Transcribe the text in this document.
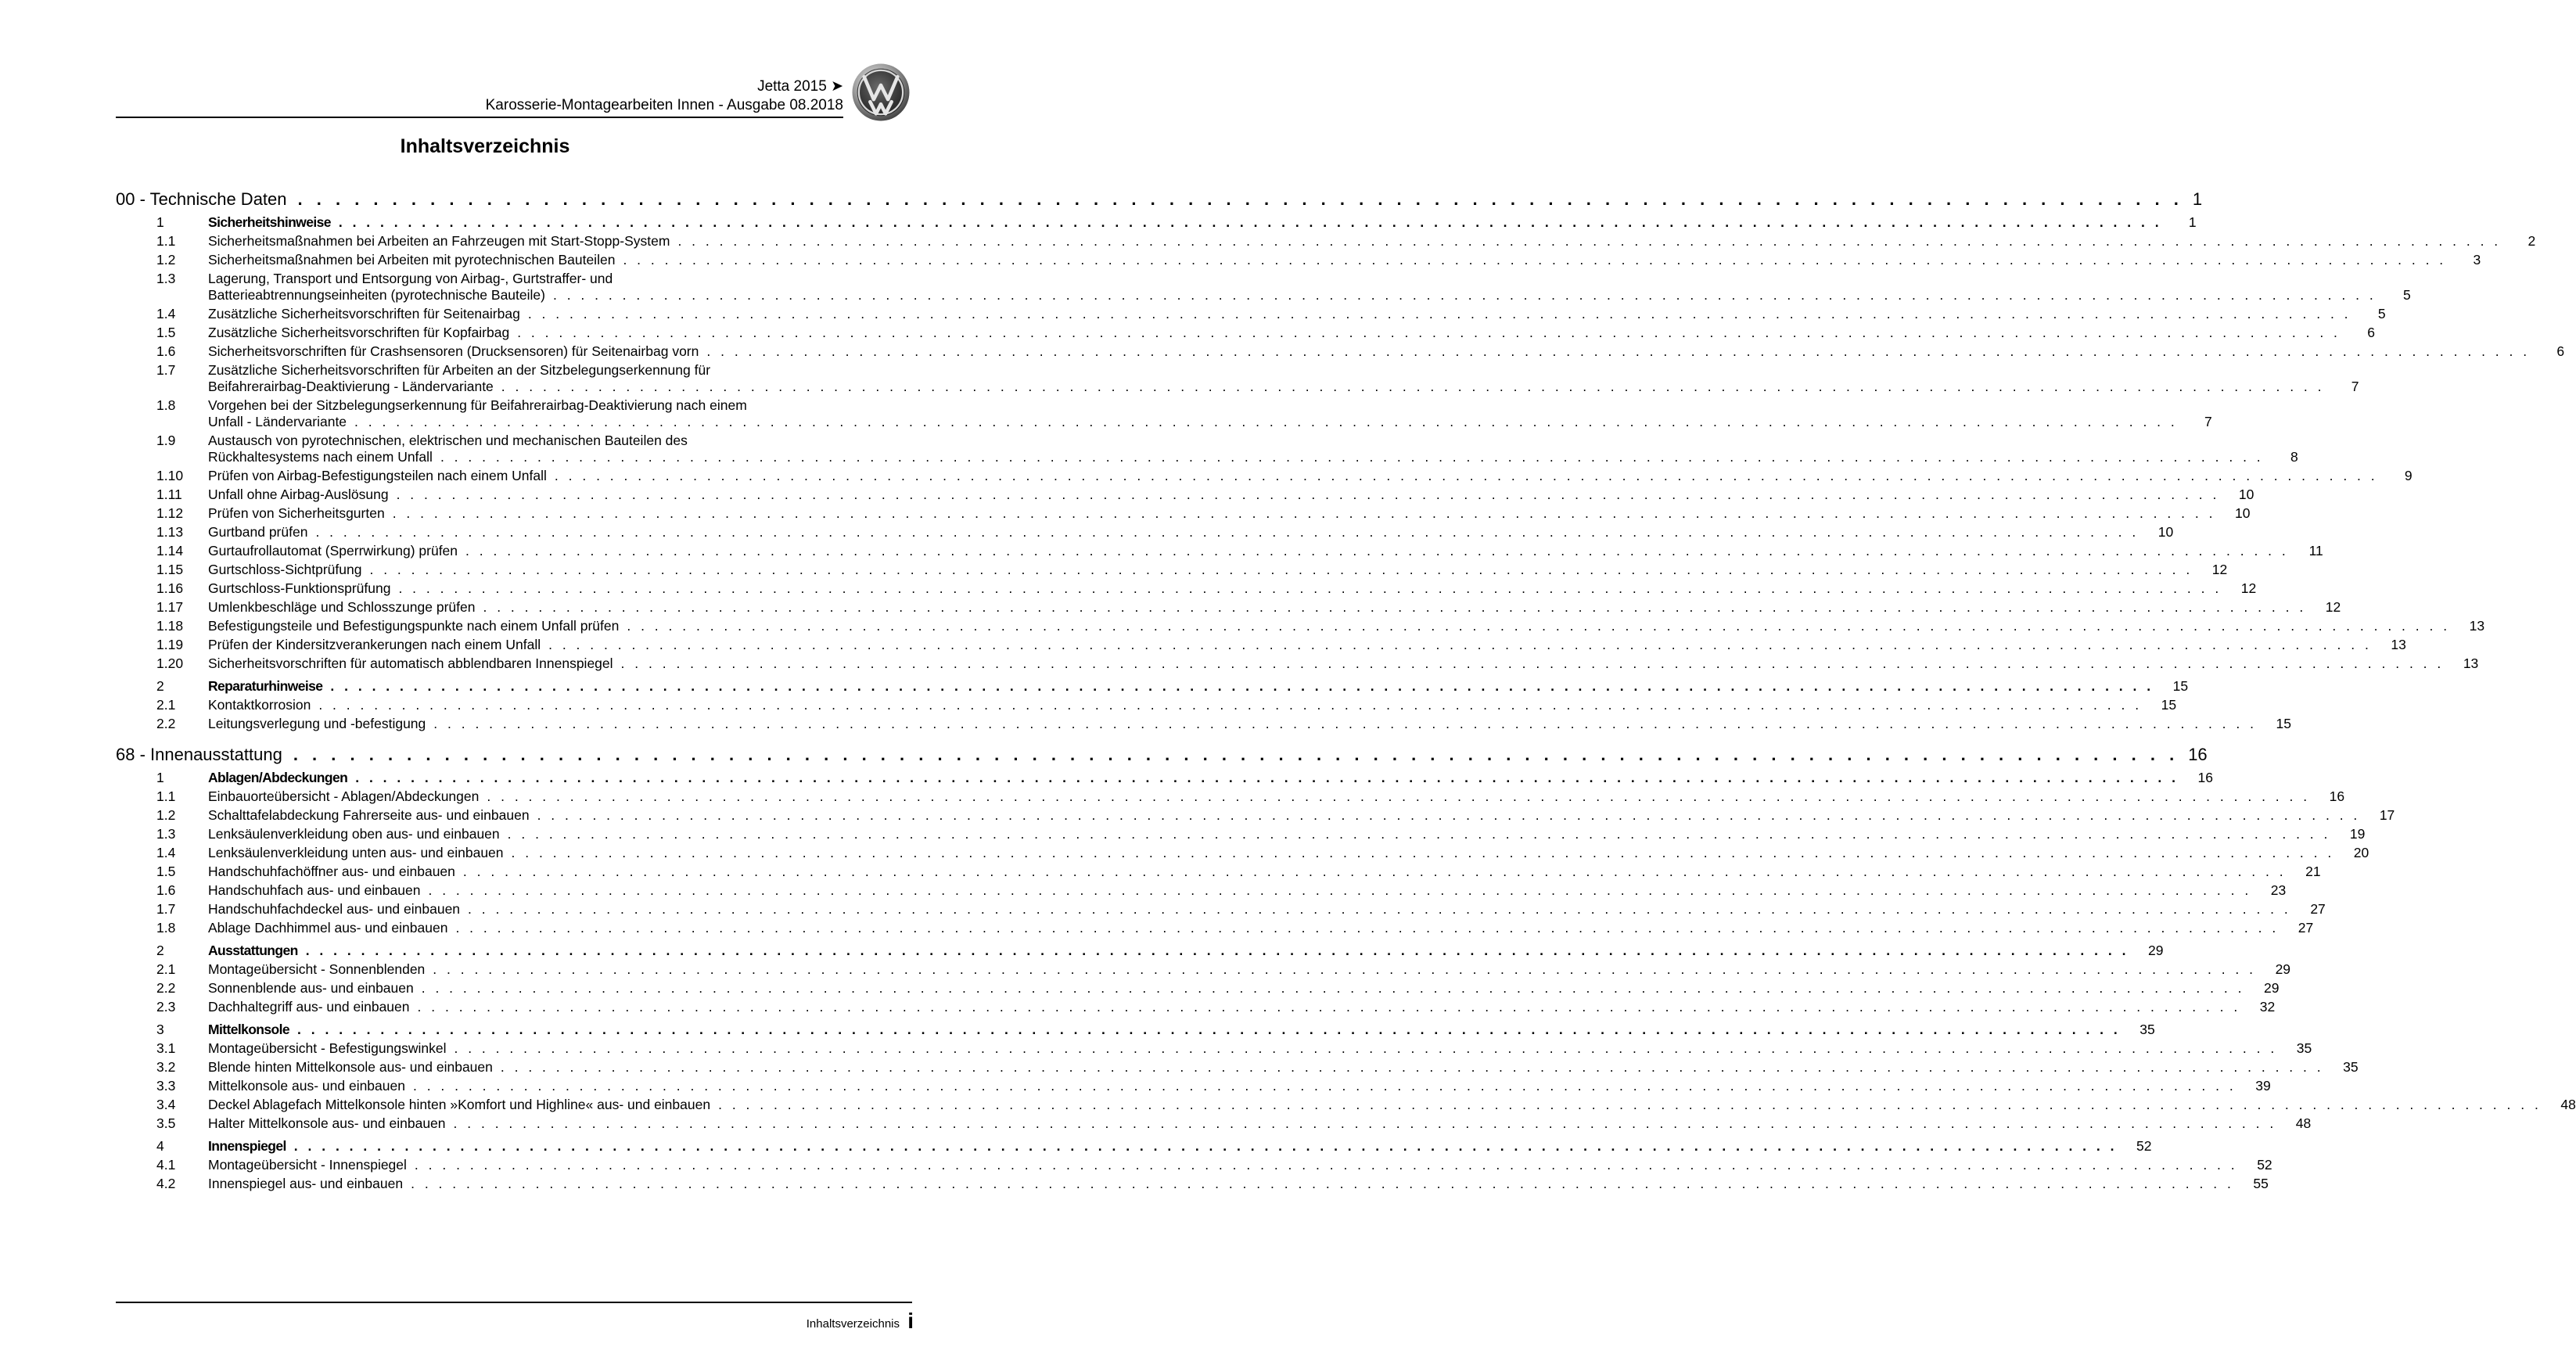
Jetta 2015 ➤
Karosserie-Montagearbeiten Innen - Ausgabe 08.2018
Inhaltsverzeichnis
00 - Technische Daten . . .	1
1	Sicherheitshinweise . . .	1
1.1	Sicherheitsmaßnahmen bei Arbeiten an Fahrzeugen mit Start-Stopp-System . . .	2
1.2	Sicherheitsmaßnahmen bei Arbeiten mit pyrotechnischen Bauteilen . . .	3
1.3	Lagerung, Transport und Entsorgung von Airbag-, Gurtstraffer- und
Batterieabtrennungseinheiten (pyrotechnische Bauteile) . . .	5
1.4	Zusätzliche Sicherheitsvorschriften für Seitenairbag . . .	5
1.5	Zusätzliche Sicherheitsvorschriften für Kopfairbag . . .	6
1.6	Sicherheitsvorschriften für Crashsensoren (Drucksensoren) für Seitenairbag vorn . . .	6
1.7	Zusätzliche Sicherheitsvorschriften für Arbeiten an der Sitzbelegungserkennung für
Beifahrerairbag-Deaktivierung - Ländervariante . . .	7
1.8	Vorgehen bei der Sitzbelegungserkennung für Beifahrerairbag-Deaktivierung nach einem
Unfall - Ländervariante . . .	7
1.9	Austausch von pyrotechnischen, elektrischen und mechanischen Bauteilen des
Rückhaltesystems nach einem Unfall . . .	8
1.10	Prüfen von Airbag-Befestigungsteilen nach einem Unfall . . .	9
1.11	Unfall ohne Airbag-Auslösung . . .	10
1.12	Prüfen von Sicherheitsgurten . . .	10
1.13	Gurtband prüfen . . .	10
1.14	Gurtaufrollautomat (Sperrwirkung) prüfen . . .	11
1.15	Gurtschloss-Sichtprüfung . . .	12
1.16	Gurtschloss-Funktionsprüfung . . .	12
1.17	Umlenkbeschläge und Schlosszunge prüfen . . .	12
1.18	Befestigungsteile und Befestigungspunkte nach einem Unfall prüfen . . .	13
1.19	Prüfen der Kindersitzverankerungen nach einem Unfall . . .	13
1.20	Sicherheitsvorschriften für automatisch abblendbaren Innenspiegel . . .	13
2	Reparaturhinweise . . .	15
2.1	Kontaktkorrosion . . .	15
2.2	Leitungsverlegung und -befestigung . . .	15
68 - Innenausstattung . . .	16
1	Ablagen/Abdeckungen . . .	16
1.1	Einbauorteübersicht - Ablagen/Abdeckungen . . .	16
1.2	Schalttafelabdeckung Fahrerseite aus- und einbauen . . .	17
1.3	Lenksäulenverkleidung oben aus- und einbauen . . .	19
1.4	Lenksäulenverkleidung unten aus- und einbauen . . .	20
1.5	Handschuhfachöffner aus- und einbauen . . .	21
1.6	Handschuhfach aus- und einbauen . . .	23
1.7	Handschuhfachdeckel aus- und einbauen . . .	27
1.8	Ablage Dachhimmel aus- und einbauen . . .	27
2	Ausstattungen . . .	29
2.1	Montageübersicht - Sonnenblenden . . .	29
2.2	Sonnenblende aus- und einbauen . . .	29
2.3	Dachhaltegriff aus- und einbauen . . .	32
3	Mittelkonsole . . .	35
3.1	Montageübersicht - Befestigungswinkel . . .	35
3.2	Blende hinten Mittelkonsole aus- und einbauen . . .	35
3.3	Mittelkonsole aus- und einbauen . . .	39
3.4	Deckel Ablagefach Mittelkonsole hinten »Komfort und Highline« aus- und einbauen . . .	48
3.5	Halter Mittelkonsole aus- und einbauen . . .	48
4	Innenspiegel . . .	52
4.1	Montageübersicht - Innenspiegel . . .	52
4.2	Innenspiegel aus- und einbauen . . .	55
Inhaltsverzeichnis i
